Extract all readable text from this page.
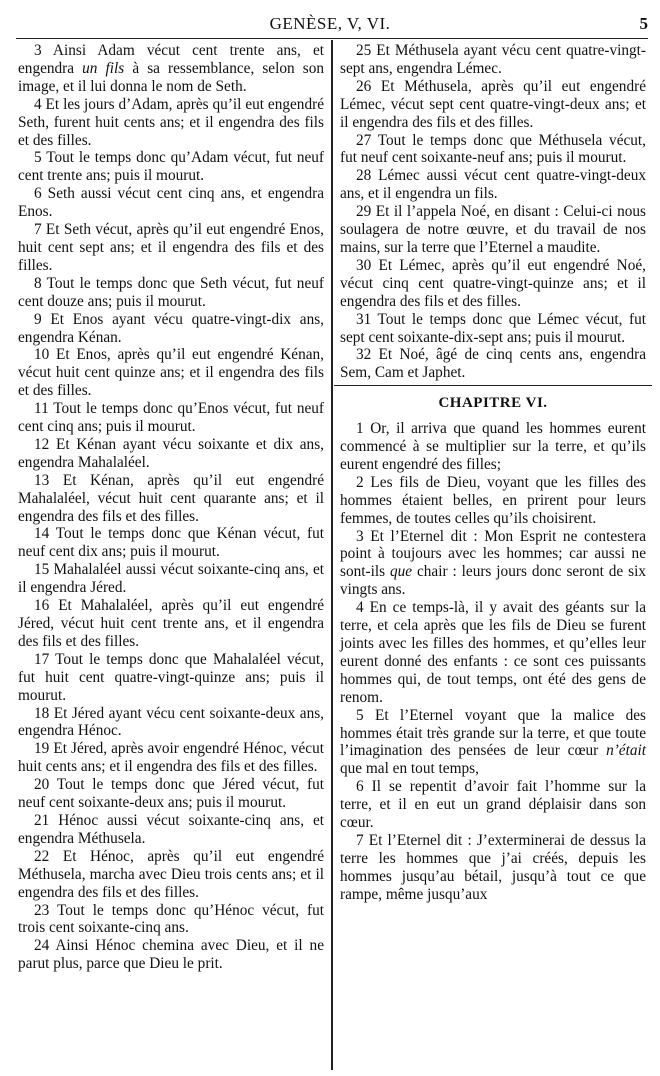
GENÈSE, V, VI.	5

3 Ainsi Adam vécut cent trente ans, et engendra un fils à sa ressemblance, selon son image, et il lui donna le nom de Seth.

4 Et les jours d’Adam, après qu’il eut engendré Seth, furent huit cents ans; et il engendra des fils et des filles.

5 Tout le temps donc qu’Adam vécut, fut neuf cent trente ans; puis il mourut.

6 Seth aussi vécut cent cinq ans, et engendra Enos.

7 Et Seth vécut, après qu’il eut engendré Enos, huit cent sept ans; et il engendra des fils et des filles.

8 Tout le temps donc que Seth vécut, fut neuf cent douze ans; puis il mourut.

9 Et Enos ayant vécu quatre-vingt-dix ans, engendra Kénan.

10 Et Enos, après qu’il eut engendré Kénan, vécut huit cent quinze ans; et il engendra des fils et des filles.

11 Tout le temps donc qu’Enos vécut, fut neuf cent cinq ans; puis il mourut.

12 Et Kénan ayant vécu soixante et dix ans, engendra Mahalaléel.

13 Et Kénan, après qu’il eut engendré Mahalaléel, vécut huit cent quarante ans; et il engendra des fils et des filles.

14 Tout le temps donc que Kénan vécut, fut neuf cent dix ans; puis il mourut.

15 Mahalaléel aussi vécut soixante-cinq ans, et il engendra Jéred.

16 Et Mahalaléel, après qu’il eut engendré Jéred, vécut huit cent trente ans, et il engendra des fils et des filles.

17 Tout le temps donc que Mahalaléel vécut, fut huit cent quatre-vingt-quinze ans; puis il mourut.

18 Et Jéred ayant vécu cent soixante-deux ans, engendra Hénoc.

19 Et Jéred, après avoir engendré Hénoc, vécut huit cents ans; et il engendra des fils et des filles.

20 Tout le temps donc que Jéred vécut, fut neuf cent soixante-deux ans; puis il mourut.

21 Hénoc aussi vécut soixante-cinq ans, et engendra Méthusela.

22 Et Hénoc, après qu’il eut engendré Méthusela, marcha avec Dieu trois cents ans; et il engendra des fils et des filles.

23 Tout le temps donc qu’Hénoc vécut, fut trois cent soixante-cinq ans.

24 Ainsi Hénoc chemina avec Dieu, et il ne parut plus, parce que Dieu le prit.

25 Et Méthusela ayant vécu cent quatre-vingt-sept ans, engendra Lémec.

26 Et Méthusela, après qu’il eut engendré Lémec, vécut sept cent quatre-vingt-deux ans; et il engendra des fils et des filles.

27 Tout le temps donc que Méthusela vécut, fut neuf cent soixante-neuf ans; puis il mourut.

28 Lémec aussi vécut cent quatre-vingt-deux ans, et il engendra un fils.

29 Et il l’appela Noé, en disant : Celui-ci nous soulagera de notre œuvre, et du travail de nos mains, sur la terre que l’Eternel a maudite.

30 Et Lémec, après qu’il eut engendré Noé, vécut cinq cent quatre-vingt-quinze ans; et il engendra des fils et des filles.

31 Tout le temps donc que Lémec vécut, fut sept cent soixante-dix-sept ans; puis il mourut.

32 Et Noé, âgé de cinq cents ans, engendra Sem, Cam et Japhet.

CHAPITRE VI.

1 Or, il arriva que quand les hommes eurent commencé à se multiplier sur la terre, et qu’ils eurent engendré des filles;

2 Les fils de Dieu, voyant que les filles des hommes étaient belles, en prirent pour leurs femmes, de toutes celles qu’ils choisirent.

3 Et l’Eternel dit : Mon Esprit ne contestera point à toujours avec les hommes; car aussi ne sont-ils que chair : leurs jours donc seront de six vingts ans.

4 En ce temps-là, il y avait des géants sur la terre, et cela après que les fils de Dieu se furent joints avec les filles des hommes, et qu’elles leur eurent donné des enfants : ce sont ces puissants hommes qui, de tout temps, ont été des gens de renom.

5 Et l’Eternel voyant que la malice des hommes était très grande sur la terre, et que toute l’imagination des pensées de leur cœur n’était que mal en tout temps,

6 Il se repentit d’avoir fait l’homme sur la terre, et il en eut un grand déplaisir dans son cœur.

7 Et l’Eternel dit : J’exterminerai de dessus la terre les hommes que j’ai créés, depuis les hommes jusqu’au bétail, jusqu’à tout ce que rampe, même jusqu’aux
